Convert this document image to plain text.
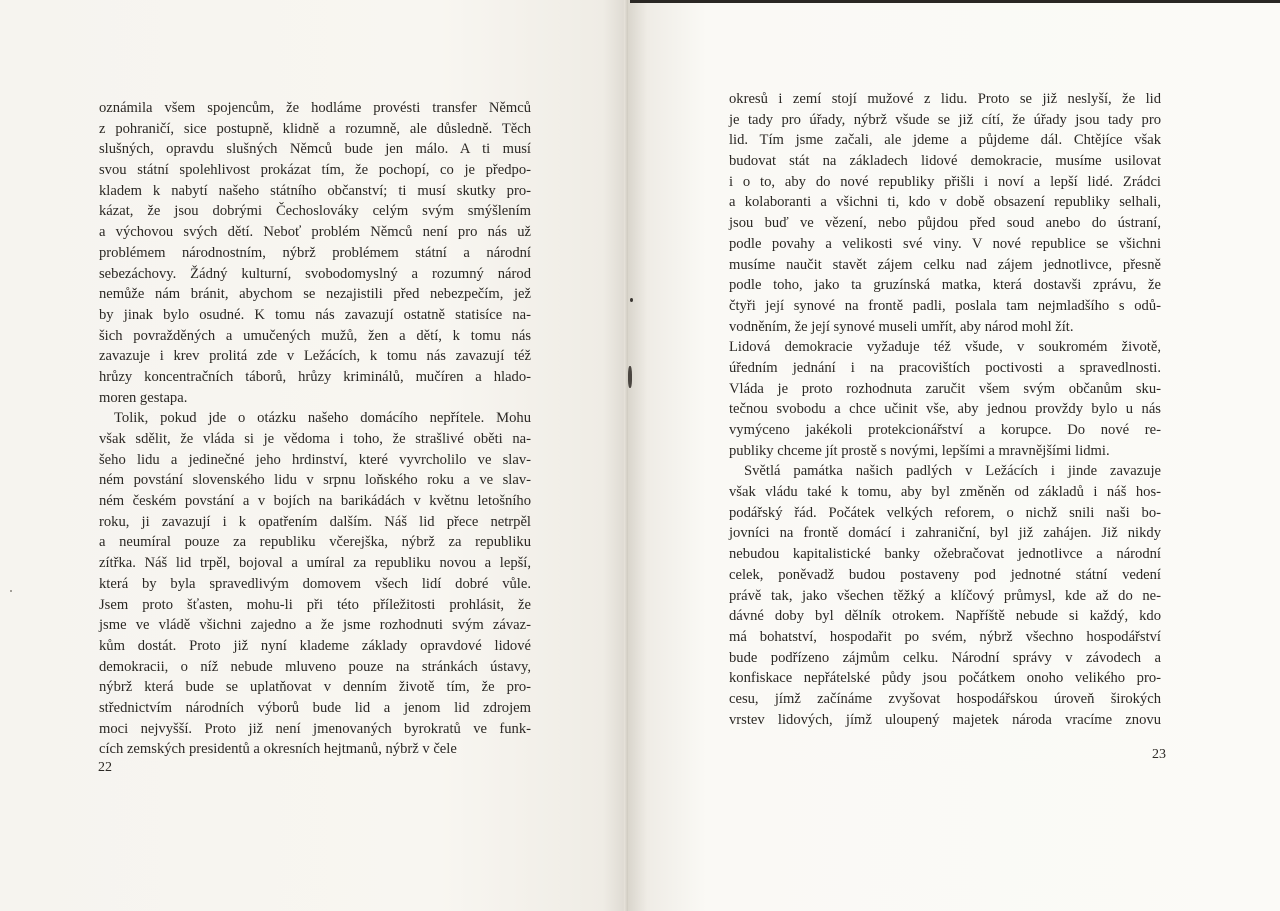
oznámila všem spojencům, že hodláme provésti transfer Němců
z pohraničí, sice postupně, klidně a rozumně, ale důsledně. Těch
slušných, opravdu slušných Němců bude jen málo. A ti musí
svou státní spolehlivost prokázat tím, že pochopí, co je předpo-
kladem k nabytí našeho státního občanství; ti musí skutky pro-
kázat, že jsou dobrými Čechoslováky celým svým smýšlením
a výchovou svých dětí. Neboť problém Němců není pro nás už
problémem národnostním, nýbrž problémem státní a národní
sebezáchovy. Žádný kulturní, svobodomyslný a rozumný národ
nemůže nám bránit, abychom se nezajistili před nebezpečím, jež
by jinak bylo osudné. K tomu nás zavazují ostatně statisíce na-
šich povražděných a umučených mužů, žen a dětí, k tomu nás
zavazuje i krev prolitá zde v Ležácích, k tomu nás zavazují též
hrůzy koncentračních táborů, hrůzy kriminálů, mučíren a hlado-
moren gestapa.
Tolik, pokud jde o otázku našeho domácího nepřítele. Mohu
však sdělit, že vláda si je vědoma i toho, že strašlivé oběti na-
šeho lidu a jedinečné jeho hrdinství, které vyvrcholilo ve slav-
ném povstání slovenského lidu v srpnu loňského roku a ve slav-
ném českém povstání a v bojích na barikádách v květnu letošního
roku, ji zavazují i k opatřením dalším. Náš lid přece netrpěl
a neumíral pouze za republiku včerejška, nýbrž za republiku
zítřka. Náš lid trpěl, bojoval a umíral za republiku novou a lepší,
která by byla spravedlivým domovem všech lidí dobré vůle.
Jsem proto šťasten, mohu-li při této příležitosti prohlásit, že
jsme ve vládě všichni zajedno a že jsme rozhodnuti svým závaz-
kům dostát. Proto již nyní klademe základy opravdové lidové
demokracii, o níž nebude mluveno pouze na stránkách ústavy,
nýbrž která bude se uplatňovat v denním životě tím, že pro-
střednictvím národních výborů bude lid a jenom lid zdrojem
moci nejvyšší. Proto již není jmenovaných byrokratů ve funk-
cích zemských presidentů a okresních hejtmanů, nýbrž v čele
22
okresů i zemí stojí mužové z lidu. Proto se již neslyší, že lid
je tady pro úřady, nýbrž všude se již cítí, že úřady jsou tady pro
lid. Tím jsme začali, ale jdeme a půjdeme dál. Chtějíce však
budovat stát na základech lidové demokracie, musíme usilovat
i o to, aby do nové republiky přišli i noví a lepší lidé. Zrádci
a kolaboranti a všichni ti, kdo v době obsazení republiky selhali,
jsou buď ve vězení, nebo půjdou před soud anebo do ústraní,
podle povahy a velikosti své viny. V nové republice se všichni
musíme naučit stavět zájem celku nad zájem jednotlivce, přesně
podle toho, jako ta gruzínská matka, která dostavši zprávu, že
čtyři její synové na frontě padli, poslala tam nejmladšího s odů-
vodněním, že její synové museli umřít, aby národ mohl žít.
Lidová demokracie vyžaduje též všude, v soukromém životě,
úředním jednání i na pracovištích poctivosti a spravedlnosti.
Vláda je proto rozhodnuta zaručit všem svým občanům sku-
tečnou svobodu a chce učinit vše, aby jednou provždy bylo u nás
vymýceno jakékoli protekcionářství a korupce. Do nové re-
publiky chceme jít prostě s novými, lepšími a mravnějšími lidmi.
Světlá památka našich padlých v Ležácích i jinde zavazuje
však vládu také k tomu, aby byl změněn od základů i náš hos-
podářský řád. Počátek velkých reforem, o nichž snili naši bo-
jovníci na frontě domácí i zahraniční, byl již zahájen. Již nikdy
nebudou kapitalistické banky ožebračovat jednotlivce a národní
celek, poněvadž budou postaveny pod jednotné státní vedení
právě tak, jako všechen těžký a klíčový průmysl, kde až do ne-
dávné doby byl dělník otrokem. Napříště nebude si každý, kdo
má bohatství, hospodařit po svém, nýbrž všechno hospodářství
bude podřízeno zájmům celku. Národní správy v závodech a
konfiskace nepřátelské půdy jsou počátkem onoho velikého pro-
cesu, jímž začínáme zvyšovat hospodářskou úroveň širokých
vrstev lidových, jímž uloupený majetek národa vracíme znovu
23
